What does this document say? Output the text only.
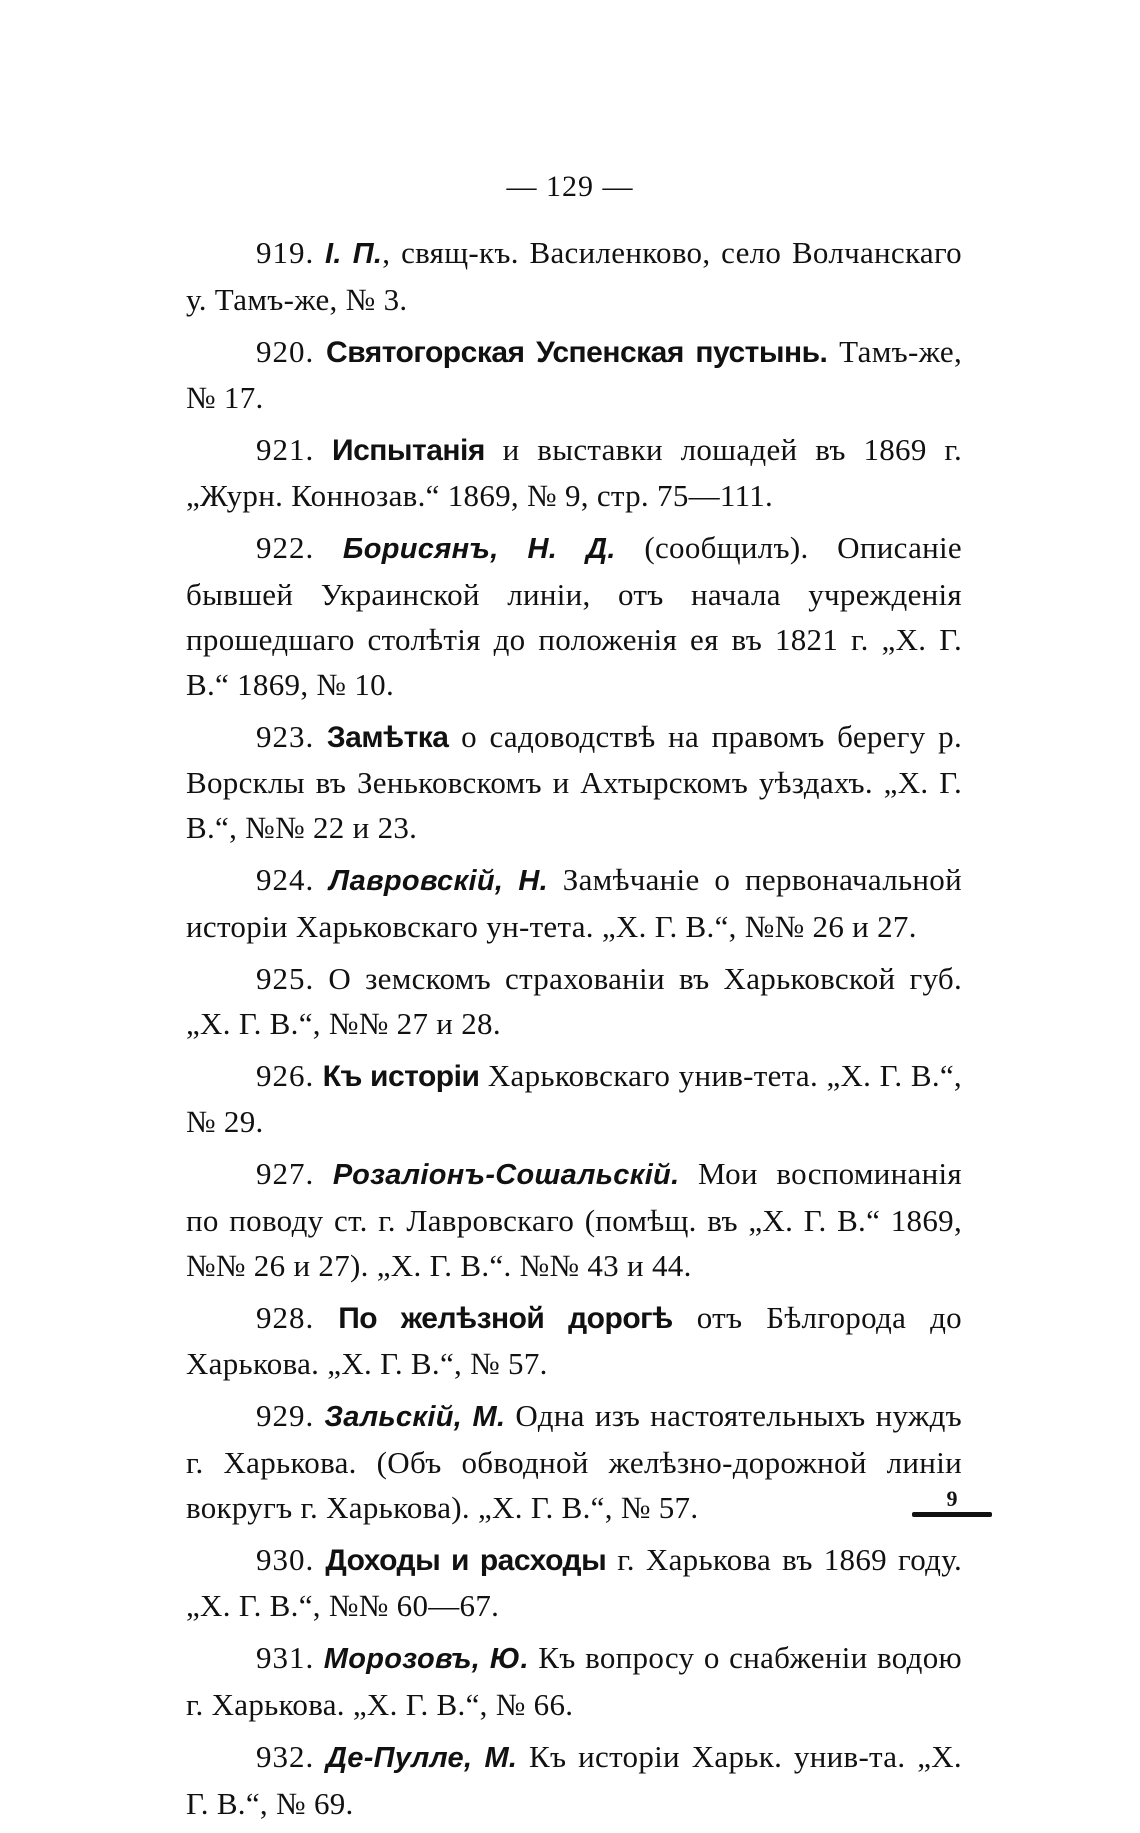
— 129 —

919. І. П., свящ-къ. Василенково, село Волчанскаго у. Тамъ-же, № 3.

920. Святогорская Успенская пустынь. Тамъ-же, № 17.

921. Испытанія и выставки лошадей въ 1869 г. „Журн. Коннозав.“ 1869, № 9, стр. 75—111.

922. Борисянъ, Н. Д. (сообщилъ). Описаніе бывшей Украинской линіи, отъ начала учрежденія прошедшаго столѣтія до положенія ея въ 1821 г. „Х. Г. В.“ 1869, № 10.

923. Замѣтка о садоводствѣ на правомъ берегу р. Ворсклы въ Зеньковскомъ и Ахтырскомъ уѣздахъ. „Х. Г. В.“, №№ 22 и 23.

924. Лавровскій, Н. Замѣчаніе о первоначальной исторіи Харьковскаго ун-тета. „Х. Г. В.“, №№ 26 и 27.

925. О земскомъ страхованіи въ Харьковской губ. „Х. Г. В.“, №№ 27 и 28.

926. Къ исторіи Харьковскаго унив-тета. „Х. Г. В.“, № 29.

927. Розаліонъ-Сошальскій. Мои воспоминанія по поводу ст. г. Лавровскаго (помѣщ. въ „Х. Г. В.“ 1869, №№ 26 и 27). „Х. Г. В.“. №№ 43 и 44.

928. По желѣзной дорогѣ отъ Бѣлгорода до Харькова. „Х. Г. В.“, № 57.

929. Зальскій, М. Одна изъ настоятельныхъ нуждъ г. Харькова. (Объ обводной желѣзно-дорожной линіи вокругъ г. Харькова). „Х. Г. В.“, № 57.

930. Доходы и расходы г. Харькова въ 1869 году. „Х. Г. В.“, №№ 60—67.

931. Морозовъ, Ю. Къ вопросу о снабженіи водою г. Харькова. „Х. Г. В.“, № 66.

932. Де-Пулле, М. Къ исторіи Харьк. унив-та. „Х. Г. В.“, № 69.

9
